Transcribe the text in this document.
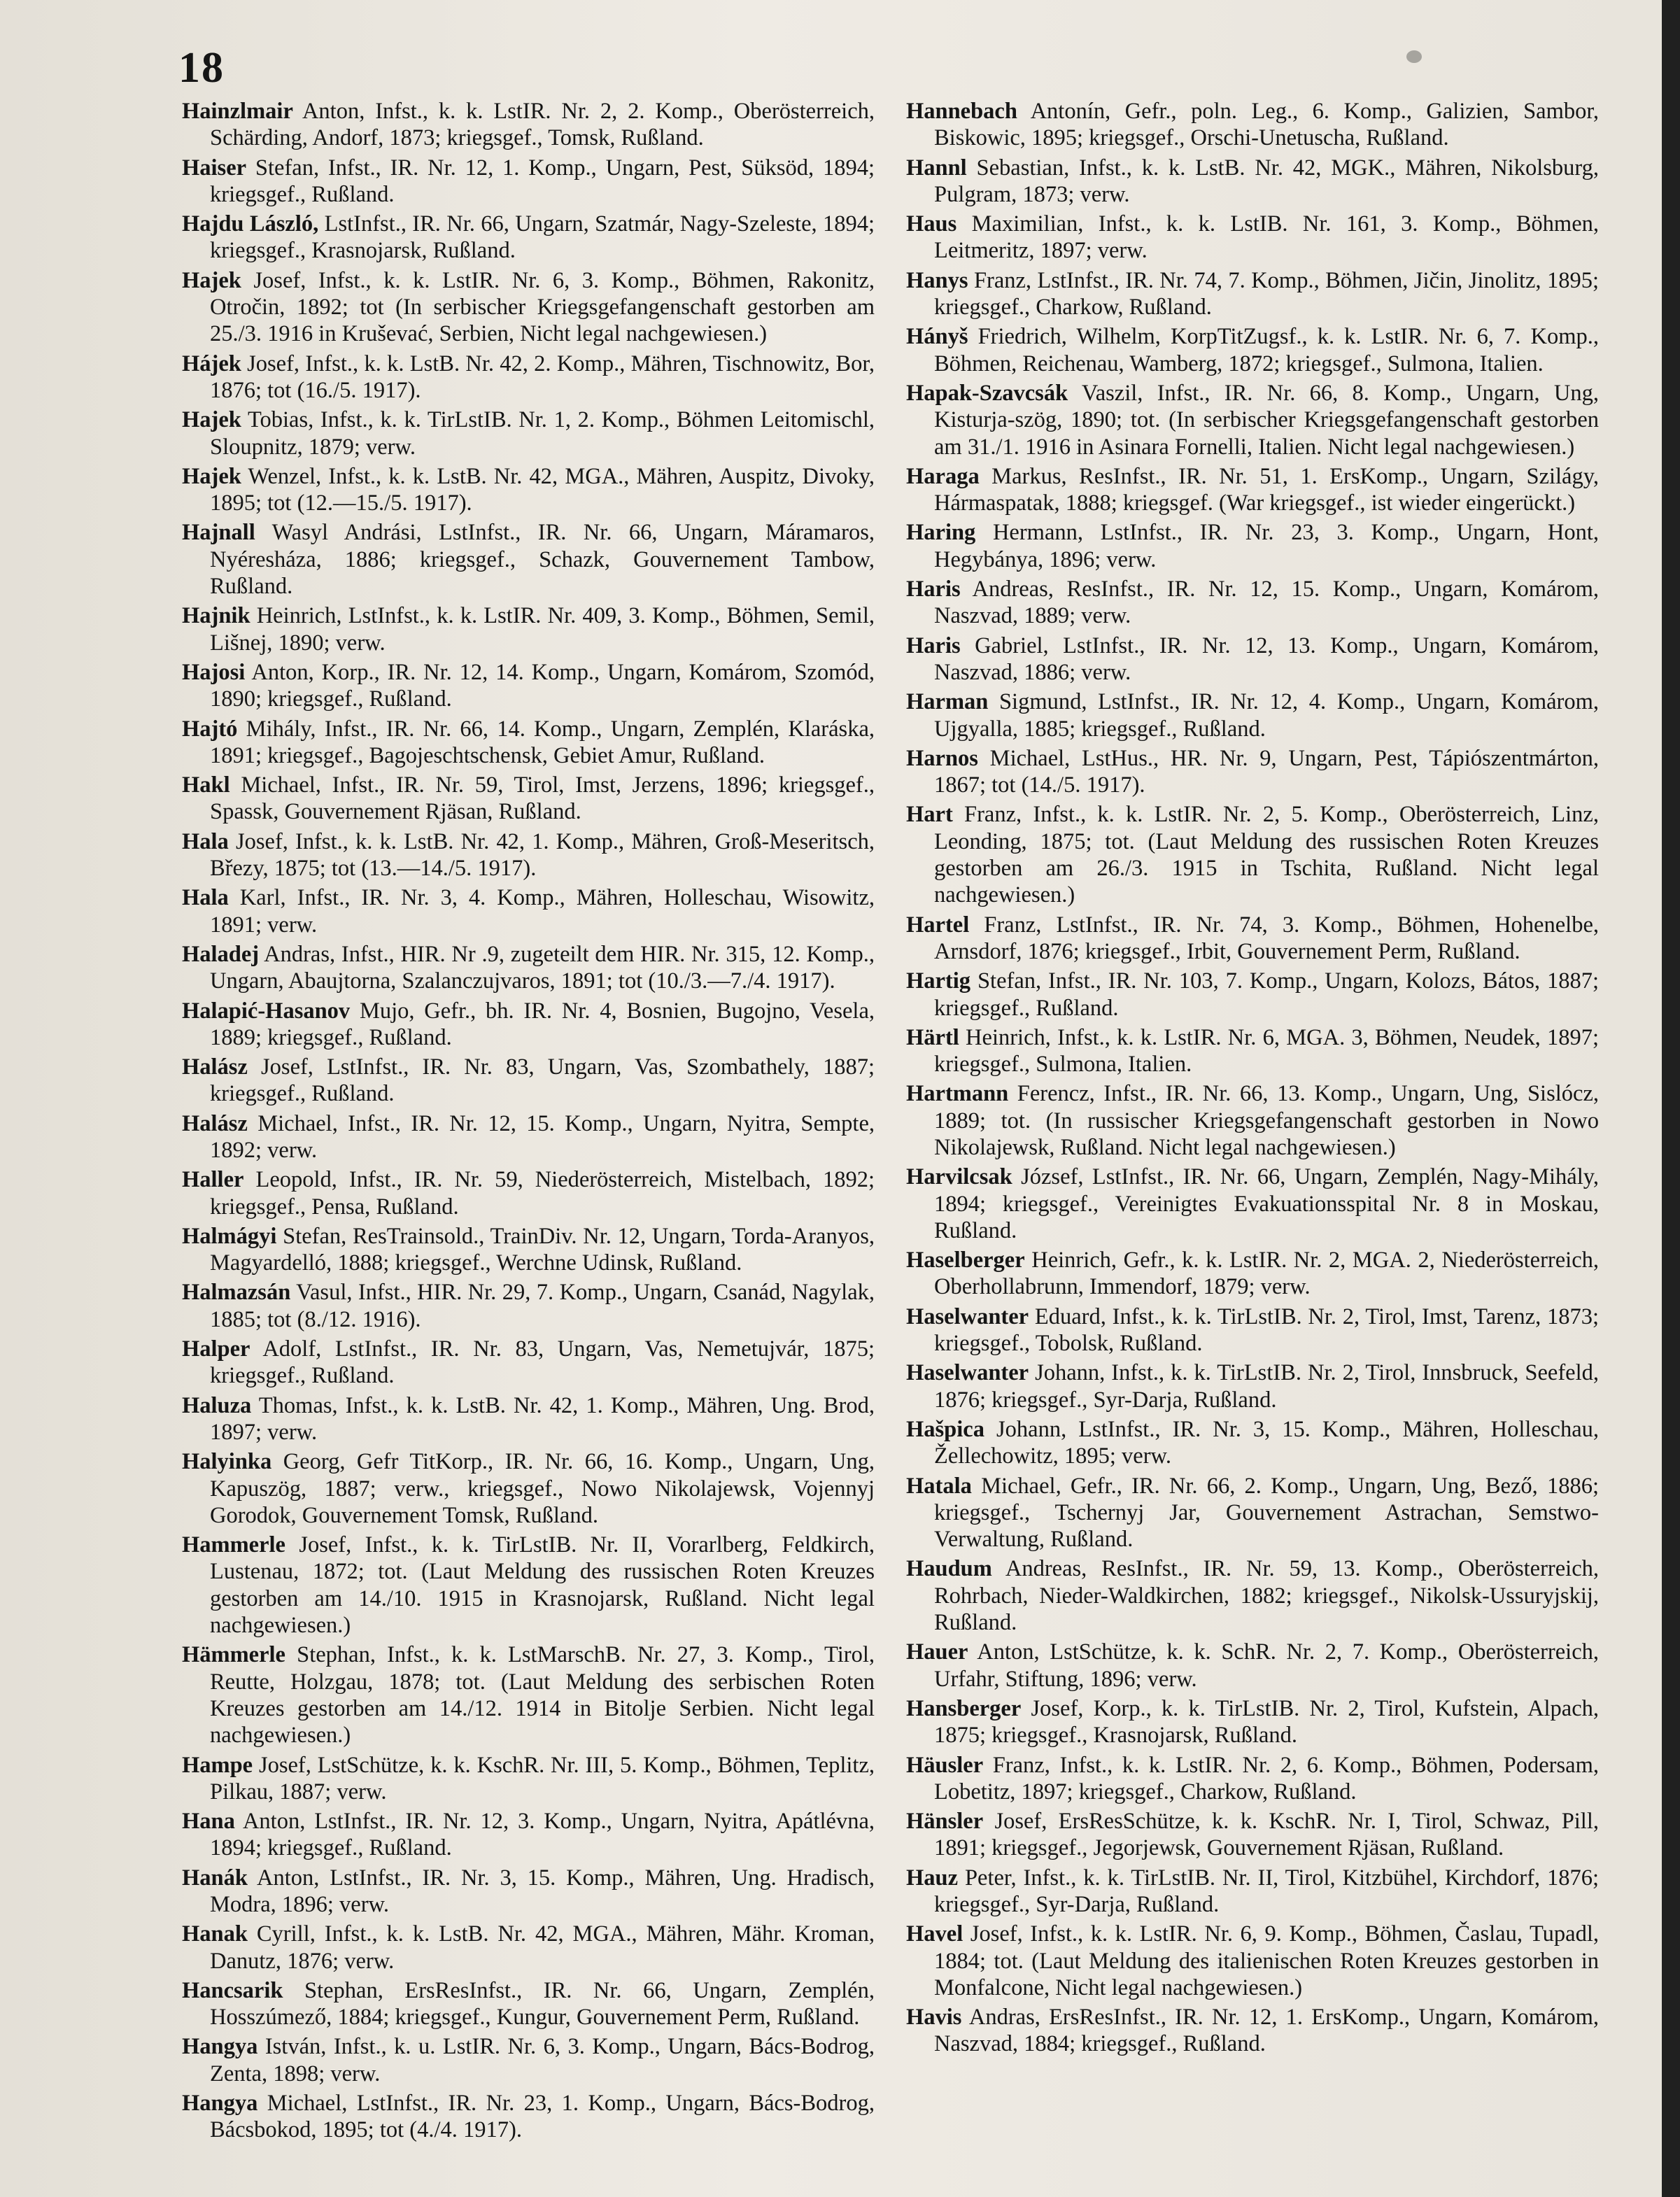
18
Hainzlmair Anton, Infst., k. k. LstIR. Nr. 2, 2. Komp., Oberösterreich, Schärding, Andorf, 1873; kriegsgef., Tomsk, Rußland.
Haiser Stefan, Infst., IR. Nr. 12, 1. Komp., Ungarn, Pest, Süksöd, 1894; kriegsgef., Rußland.
Hajdu László, LstInfst., IR. Nr. 66, Ungarn, Szatmár, Nagy-Szeleste, 1894; kriegsgef., Krasnojarsk, Rußland.
Hajek Josef, Infst., k. k. LstIR. Nr. 6, 3. Komp., Böhmen, Rakonitz, Otročin, 1892; tot (In serbischer Kriegsgefangenschaft gestorben am 25./3. 1916 in Kruševać, Serbien, Nicht legal nachgewiesen.)
Hájek Josef, Infst., k. k. LstB. Nr. 42, 2. Komp., Mähren, Tischnowitz, Bor, 1876; tot (16./5. 1917).
Hajek Tobias, Infst., k. k. TirLstIB. Nr. 1, 2. Komp., Böhmen Leitomischl, Sloupnitz, 1879; verw.
Hajek Wenzel, Infst., k. k. LstB. Nr. 42, MGA., Mähren, Auspitz, Divoky, 1895; tot (12.—15./5. 1917).
Hajnall Wasyl Andrási, LstInfst., IR. Nr. 66, Ungarn, Máramaros, Nyéresháza, 1886; kriegsgef., Schazk, Gouvernement Tambow, Rußland.
Hajnik Heinrich, LstInfst., k. k. LstIR. Nr. 409, 3. Komp., Böhmen, Semil, Lišnej, 1890; verw.
Hajosi Anton, Korp., IR. Nr. 12, 14. Komp., Ungarn, Komárom, Szomód, 1890; kriegsgef., Rußland.
Hajtó Mihály, Infst., IR. Nr. 66, 14. Komp., Ungarn, Zemplén, Klaráska, 1891; kriegsgef., Bagojeschtschensk, Gebiet Amur, Rußland.
Hakl Michael, Infst., IR. Nr. 59, Tirol, Imst, Jerzens, 1896; kriegsgef., Spassk, Gouvernement Rjäsan, Rußland.
Hala Josef, Infst., k. k. LstB. Nr. 42, 1. Komp., Mähren, Groß-Meseritsch, Březy, 1875; tot (13.—14./5. 1917).
Hala Karl, Infst., IR. Nr. 3, 4. Komp., Mähren, Holleschau, Wisowitz, 1891; verw.
Haladej Andras, Infst., HIR. Nr .9, zugeteilt dem HIR. Nr. 315, 12. Komp., Ungarn, Abaujtorna, Szalanczujvaros, 1891; tot (10./3.—7./4. 1917).
Halapić-Hasanov Mujo, Gefr., bh. IR. Nr. 4, Bosnien, Bugojno, Vesela, 1889; kriegsgef., Rußland.
Halász Josef, LstInfst., IR. Nr. 83, Ungarn, Vas, Szombathely, 1887; kriegsgef., Rußland.
Halász Michael, Infst., IR. Nr. 12, 15. Komp., Ungarn, Nyitra, Sempte, 1892; verw.
Haller Leopold, Infst., IR. Nr. 59, Niederösterreich, Mistelbach, 1892; kriegsgef., Pensa, Rußland.
Halmágyi Stefan, ResTrainsold., TrainDiv. Nr. 12, Ungarn, Torda-Aranyos, Magyardelló, 1888; kriegsgef., Werchne Udinsk, Rußland.
Halmazsán Vasul, Infst., HIR. Nr. 29, 7. Komp., Ungarn, Csanád, Nagylak, 1885; tot (8./12. 1916).
Halper Adolf, LstInfst., IR. Nr. 83, Ungarn, Vas, Nemetujvár, 1875; kriegsgef., Rußland.
Haluza Thomas, Infst., k. k. LstB. Nr. 42, 1. Komp., Mähren, Ung. Brod, 1897; verw.
Halyinka Georg, Gefr TitKorp., IR. Nr. 66, 16. Komp., Ungarn, Ung, Kapuszög, 1887; verw., kriegsgef., Nowo Nikolajewsk, Vojennyj Gorodok, Gouvernement Tomsk, Rußland.
Hammerle Josef, Infst., k. k. TirLstIB. Nr. II, Vorarlberg, Feldkirch, Lustenau, 1872; tot. (Laut Meldung des russischen Roten Kreuzes gestorben am 14./10. 1915 in Krasnojarsk, Rußland. Nicht legal nachgewiesen.)
Hämmerle Stephan, Infst., k. k. LstMarschB. Nr. 27, 3. Komp., Tirol, Reutte, Holzgau, 1878; tot. (Laut Meldung des serbischen Roten Kreuzes gestorben am 14./12. 1914 in Bitolje Serbien. Nicht legal nachgewiesen.)
Hampe Josef, LstSchütze, k. k. KschR. Nr. III, 5. Komp., Böhmen, Teplitz, Pilkau, 1887; verw.
Hana Anton, LstInfst., IR. Nr. 12, 3. Komp., Ungarn, Nyitra, Apátlévna, 1894; kriegsgef., Rußland.
Hanák Anton, LstInfst., IR. Nr. 3, 15. Komp., Mähren, Ung. Hradisch, Modra, 1896; verw.
Hanak Cyrill, Infst., k. k. LstB. Nr. 42, MGA., Mähren, Mähr. Kroman, Danutz, 1876; verw.
Hancsarik Stephan, ErsResInfst., IR. Nr. 66, Ungarn, Zemplén, Hosszúmező, 1884; kriegsgef., Kungur, Gouvernement Perm, Rußland.
Hangya István, Infst., k. u. LstIR. Nr. 6, 3. Komp., Ungarn, Bács-Bodrog, Zenta, 1898; verw.
Hangya Michael, LstInfst., IR. Nr. 23, 1. Komp., Ungarn, Bács-Bodrog, Bácsbokod, 1895; tot (4./4. 1917).
Hannebach Antonín, Gefr., poln. Leg., 6. Komp., Galizien, Sambor, Biskowic, 1895; kriegsgef., Orschi-Unetuscha, Rußland.
Hannl Sebastian, Infst., k. k. LstB. Nr. 42, MGK., Mähren, Nikolsburg, Pulgram, 1873; verw.
Haus Maximilian, Infst., k. k. LstIB. Nr. 161, 3. Komp., Böhmen, Leitmeritz, 1897; verw.
Hanys Franz, LstInfst., IR. Nr. 74, 7. Komp., Böhmen, Jičin, Jinolitz, 1895; kriegsgef., Charkow, Rußland.
Hányš Friedrich, Wilhelm, KorpTitZugsf., k. k. LstIR. Nr. 6, 7. Komp., Böhmen, Reichenau, Wamberg, 1872; kriegsgef., Sulmona, Italien.
Hapak-Szavcsák Vaszil, Infst., IR. Nr. 66, 8. Komp., Ungarn, Ung, Kisturja-szög, 1890; tot. (In serbischer Kriegsgefangenschaft gestorben am 31./1. 1916 in Asinara Fornelli, Italien. Nicht legal nachgewiesen.)
Haraga Markus, ResInfst., IR. Nr. 51, 1. ErsKomp., Ungarn, Szilágy, Hármaspatak, 1888; kriegsgef. (War kriegsgef., ist wieder eingerückt.)
Haring Hermann, LstInfst., IR. Nr. 23, 3. Komp., Ungarn, Hont, Hegybánya, 1896; verw.
Haris Andreas, ResInfst., IR. Nr. 12, 15. Komp., Ungarn, Komárom, Naszvad, 1889; verw.
Haris Gabriel, LstInfst., IR. Nr. 12, 13. Komp., Ungarn, Komárom, Naszvad, 1886; verw.
Harman Sigmund, LstInfst., IR. Nr. 12, 4. Komp., Ungarn, Komárom, Ujgyalla, 1885; kriegsgef., Rußland.
Harnos Michael, LstHus., HR. Nr. 9, Ungarn, Pest, Tápiószentmárton, 1867; tot (14./5. 1917).
Hart Franz, Infst., k. k. LstIR. Nr. 2, 5. Komp., Oberösterreich, Linz, Leonding, 1875; tot. (Laut Meldung des russischen Roten Kreuzes gestorben am 26./3. 1915 in Tschita, Rußland. Nicht legal nachgewiesen.)
Hartel Franz, LstInfst., IR. Nr. 74, 3. Komp., Böhmen, Hohenelbe, Arnsdorf, 1876; kriegsgef., Irbit, Gouvernement Perm, Rußland.
Hartig Stefan, Infst., IR. Nr. 103, 7. Komp., Ungarn, Kolozs, Bátos, 1887; kriegsgef., Rußland.
Härtl Heinrich, Infst., k. k. LstIR. Nr. 6, MGA. 3, Böhmen, Neudek, 1897; kriegsgef., Sulmona, Italien.
Hartmann Ferencz, Infst., IR. Nr. 66, 13. Komp., Ungarn, Ung, Sislócz, 1889; tot. (In russischer Kriegsgefangenschaft gestorben in Nowo Nikolajewsk, Rußland. Nicht legal nachgewiesen.)
Harvilcsak József, LstInfst., IR. Nr. 66, Ungarn, Zemplén, Nagy-Mihály, 1894; kriegsgef., Vereinigtes Evakuationsspital Nr. 8 in Moskau, Rußland.
Haselberger Heinrich, Gefr., k. k. LstIR. Nr. 2, MGA. 2, Niederösterreich, Oberhollabrunn, Immendorf, 1879; verw.
Haselwanter Eduard, Infst., k. k. TirLstIB. Nr. 2, Tirol, Imst, Tarenz, 1873; kriegsgef., Tobolsk, Rußland.
Haselwanter Johann, Infst., k. k. TirLstIB. Nr. 2, Tirol, Innsbruck, Seefeld, 1876; kriegsgef., Syr-Darja, Rußland.
Hašpica Johann, LstInfst., IR. Nr. 3, 15. Komp., Mähren, Holleschau, Žellechowitz, 1895; verw.
Hatala Michael, Gefr., IR. Nr. 66, 2. Komp., Ungarn, Ung, Bező, 1886; kriegsgef., Tschernyj Jar, Gouvernement Astrachan, Semstwo-Verwaltung, Rußland.
Haudum Andreas, ResInfst., IR. Nr. 59, 13. Komp., Oberösterreich, Rohrbach, Nieder-Waldkirchen, 1882; kriegsgef., Nikolsk-Ussuryjskij, Rußland.
Hauer Anton, LstSchütze, k. k. SchR. Nr. 2, 7. Komp., Oberösterreich, Urfahr, Stiftung, 1896; verw.
Hansberger Josef, Korp., k. k. TirLstIB. Nr. 2, Tirol, Kufstein, Alpach, 1875; kriegsgef., Krasnojarsk, Rußland.
Häusler Franz, Infst., k. k. LstIR. Nr. 2, 6. Komp., Böhmen, Podersam, Lobetitz, 1897; kriegsgef., Charkow, Rußland.
Hänsler Josef, ErsResSchütze, k. k. KschR. Nr. I, Tirol, Schwaz, Pill, 1891; kriegsgef., Jegorjewsk, Gouvernement Rjäsan, Rußland.
Hauz Peter, Infst., k. k. TirLstIB. Nr. II, Tirol, Kitzbühel, Kirchdorf, 1876; kriegsgef., Syr-Darja, Rußland.
Havel Josef, Infst., k. k. LstIR. Nr. 6, 9. Komp., Böhmen, Časlau, Tupadl, 1884; tot. (Laut Meldung des italienischen Roten Kreuzes gestorben in Monfalcone, Nicht legal nachgewiesen.)
Havis Andras, ErsResInfst., IR. Nr. 12, 1. ErsKomp., Ungarn, Komárom, Naszvad, 1884; kriegsgef., Rußland.
